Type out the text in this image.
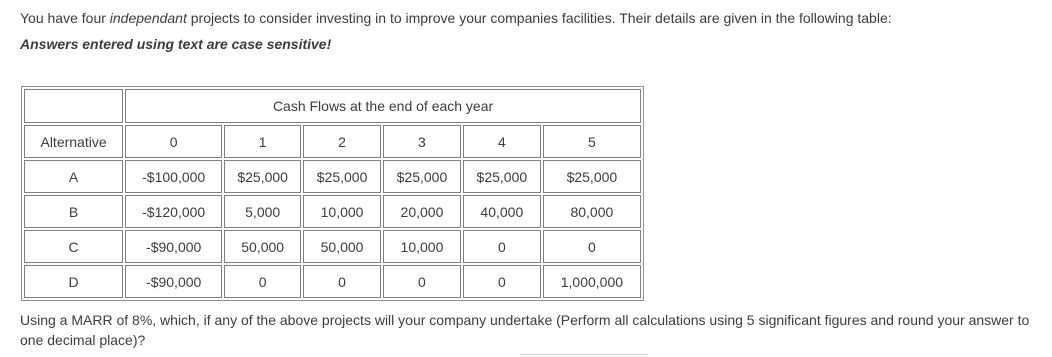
You have four independant projects to consider investing in to improve your companies facilities. Their details are given in the following table:
Answers entered using text are case sensitive!
	Cash Flows at the end of each year					
Alternative	0	1	2	3	4	5
A	-$100,000	$25,000	$25,000	$25,000	$25,000	$25,000
B	-$120,000	5,000	10,000	20,000	40,000	80,000
C	-$90,000	50,000	50,000	10,000	0	0
D	-$90,000	0	0	0	0	1,000,000
Using a MARR of 8%, which, if any of the above projects will your company undertake (Perform all calculations using 5 significant figures and round your answer to one decimal place)?
